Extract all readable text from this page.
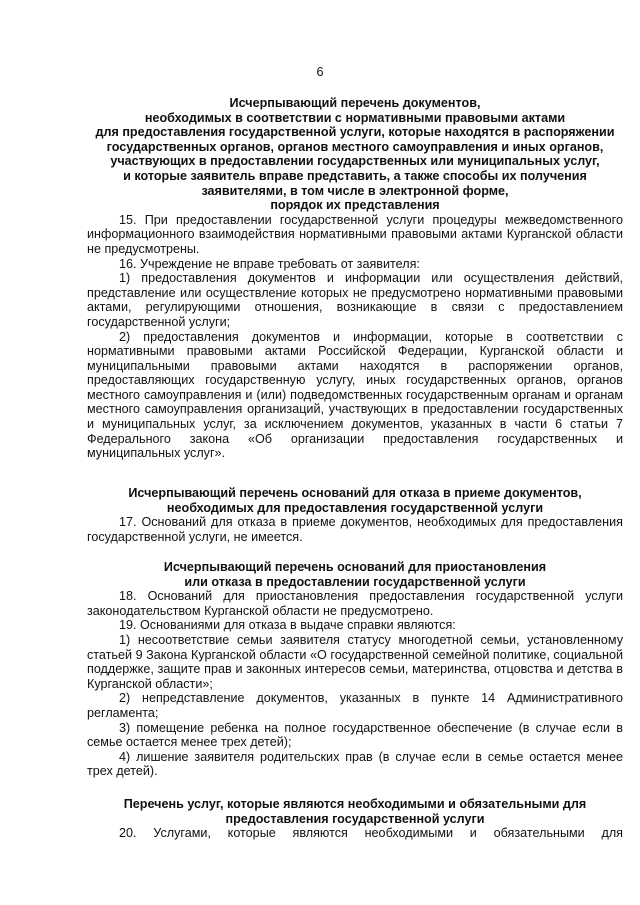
6
Исчерпывающий перечень документов,
необходимых в соответствии с нормативными правовыми актами
для предоставления государственной услуги, которые находятся в распоряжении
государственных органов, органов местного самоуправления и иных органов,
участвующих в предоставлении государственных или муниципальных услуг,
и которые заявитель вправе представить, а также способы их получения
заявителями, в том числе в электронной форме,
порядок их представления

15. При предоставлении государственной услуги процедуры межведомственного информационного взаимодействия нормативными правовыми актами Курганской области не предусмотрены.

16. Учреждение не вправе требовать от заявителя:

1) предоставления документов и информации или осуществления действий, представление или осуществление которых не предусмотрено нормативными правовыми актами, регулирующими отношения, возникающие в связи с предоставлением государственной услуги;

2) предоставления документов и информации, которые в соответствии с нормативными правовыми актами Российской Федерации, Курганской области и муниципальными правовыми актами находятся в распоряжении органов, предоставляющих государственную услугу, иных государственных органов, органов местного самоуправления и (или) подведомственных государственным органам и органам местного самоуправления организаций, участвующих в предоставлении государственных и муниципальных услуг, за исключением документов, указанных в части 6 статьи 7 Федерального закона «Об организации предоставления государственных и муниципальных услуг».

Исчерпывающий перечень оснований для отказа в приеме документов,
необходимых для предоставления государственной услуги

17. Оснований для отказа в приеме документов, необходимых для предоставления государственной услуги, не имеется.

Исчерпывающий перечень оснований для приостановления
или отказа в предоставлении государственной услуги

18. Оснований для приостановления предоставления государственной услуги законодательством Курганской области не предусмотрено.

19. Основаниями для отказа в выдаче справки являются:

1) несоответствие семьи заявителя статусу многодетной семьи, установленному статьей 9 Закона Курганской области «О государственной семейной политике, социальной поддержке, защите прав и законных интересов семьи, материнства, отцовства и детства в Курганской области»;

2) непредставление документов, указанных в пункте 14 Административного регламента;

3) помещение ребенка на полное государственное обеспечение (в случае если в семье остается менее трех детей);

4) лишение заявителя родительских прав (в случае если в семье остается менее трех детей).

Перечень услуг, которые являются необходимыми и обязательными для
предоставления государственной услуги

20. Услугами, которые являются необходимыми и обязательными для
